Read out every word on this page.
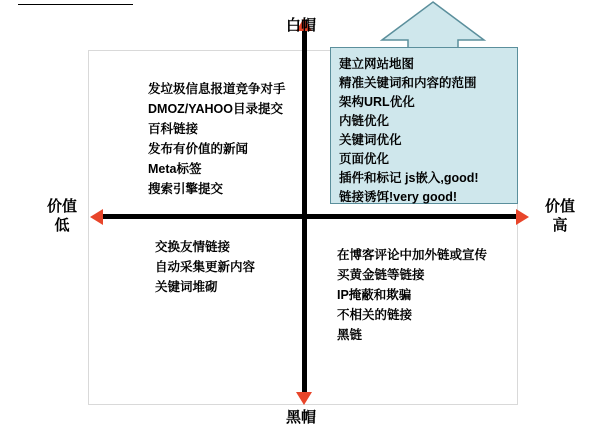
白帽
黑帽
价值
低
价值
高
建立网站地图
精准关键词和内容的范围
架构URL优化
内链优化
关键词优化
页面优化
插件和标记 js嵌入,good!
链接诱饵!very good!
发垃圾信息报道竞争对手
DMOZ/YAHOO目录提交
百科链接
发布有价值的新闻
Meta标签
搜索引擎提交
交换友情链接
自动采集更新内容
关键词堆砌
在博客评论中加外链或宣传
买黄金链等链接
IP掩蔽和欺骗
不相关的链接
黑链
